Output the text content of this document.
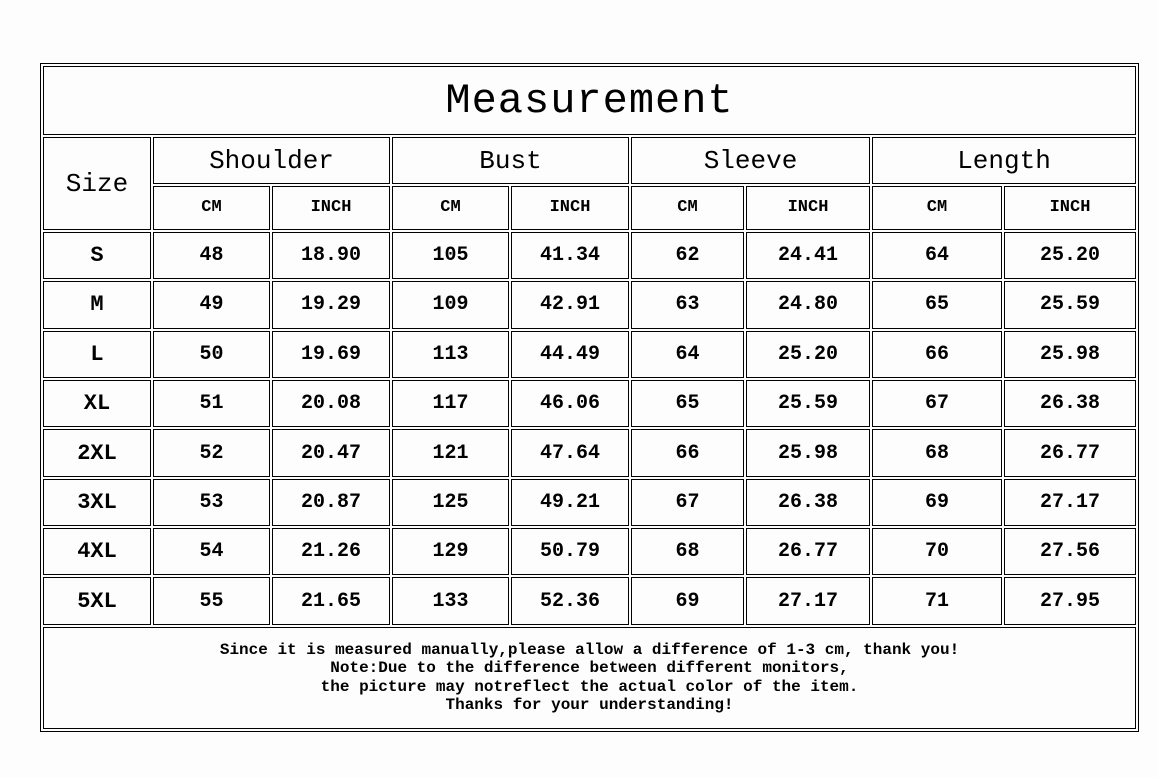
Measurement								
Size	Shoulder		Bust		Sleeve		Length	
	CM	INCH	CM	INCH	CM	INCH	CM	INCH
S	48	18.90	105	41.34	62	24.41	64	25.20
M	49	19.29	109	42.91	63	24.80	65	25.59
L	50	19.69	113	44.49	64	25.20	66	25.98
XL	51	20.08	117	46.06	65	25.59	67	26.38
2XL	52	20.47	121	47.64	66	25.98	68	26.77
3XL	53	20.87	125	49.21	67	26.38	69	27.17
4XL	54	21.26	129	50.79	68	26.77	70	27.56
5XL	55	21.65	133	52.36	69	27.17	71	27.95

Since it is measured manually,please allow a difference of 1-3 cm, thank you!
Note:Due to the difference between different monitors,
the picture may notreflect the actual color of the item.
Thanks for your understanding!								
